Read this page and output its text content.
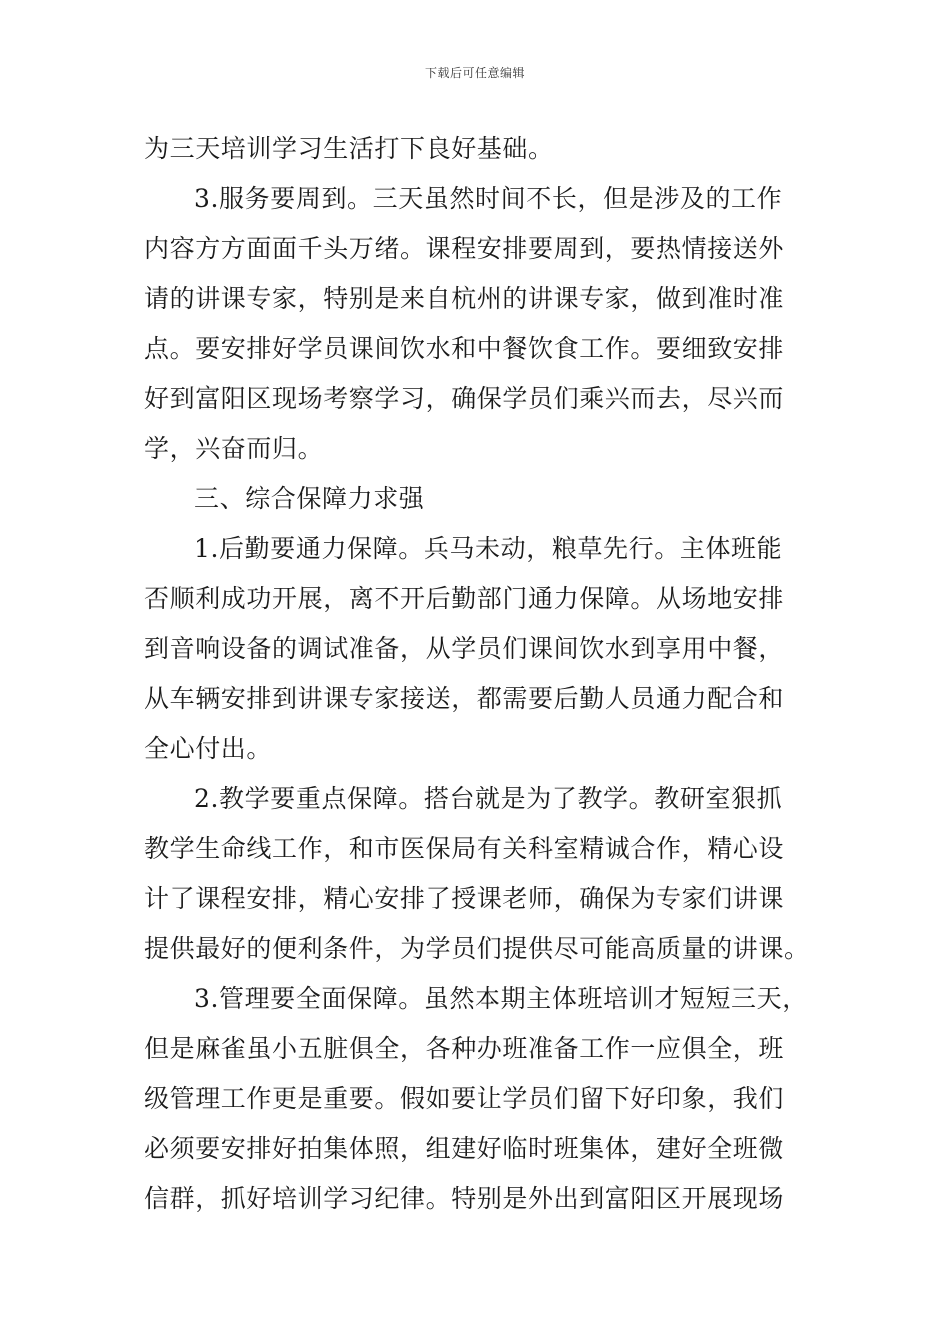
下载后可任意编辑
为三天培训学习生活打下良好基础。
3.服务要周到。三天虽然时间不长，但是涉及的工作
内容方方面面千头万绪。课程安排要周到，要热情接送外
请的讲课专家，特别是来自杭州的讲课专家，做到准时准
点。要安排好学员课间饮水和中餐饮食工作。要细致安排
好到富阳区现场考察学习，确保学员们乘兴而去，尽兴而
学，兴奋而归。
三、综合保障力求强
1.后勤要通力保障。兵马未动，粮草先行。主体班能
否顺利成功开展，离不开后勤部门通力保障。从场地安排
到音响设备的调试准备，从学员们课间饮水到享用中餐，
从车辆安排到讲课专家接送，都需要后勤人员通力配合和
全心付出。
2.教学要重点保障。搭台就是为了教学。教研室狠抓
教学生命线工作，和市医保局有关科室精诚合作，精心设
计了课程安排，精心安排了授课老师，确保为专家们讲课
提供最好的便利条件，为学员们提供尽可能高质量的讲课。
3.管理要全面保障。虽然本期主体班培训才短短三天，
但是麻雀虽小五脏俱全，各种办班准备工作一应俱全，班
级管理工作更是重要。假如要让学员们留下好印象，我们
必须要安排好拍集体照，组建好临时班集体，建好全班微
信群，抓好培训学习纪律。特别是外出到富阳区开展现场
